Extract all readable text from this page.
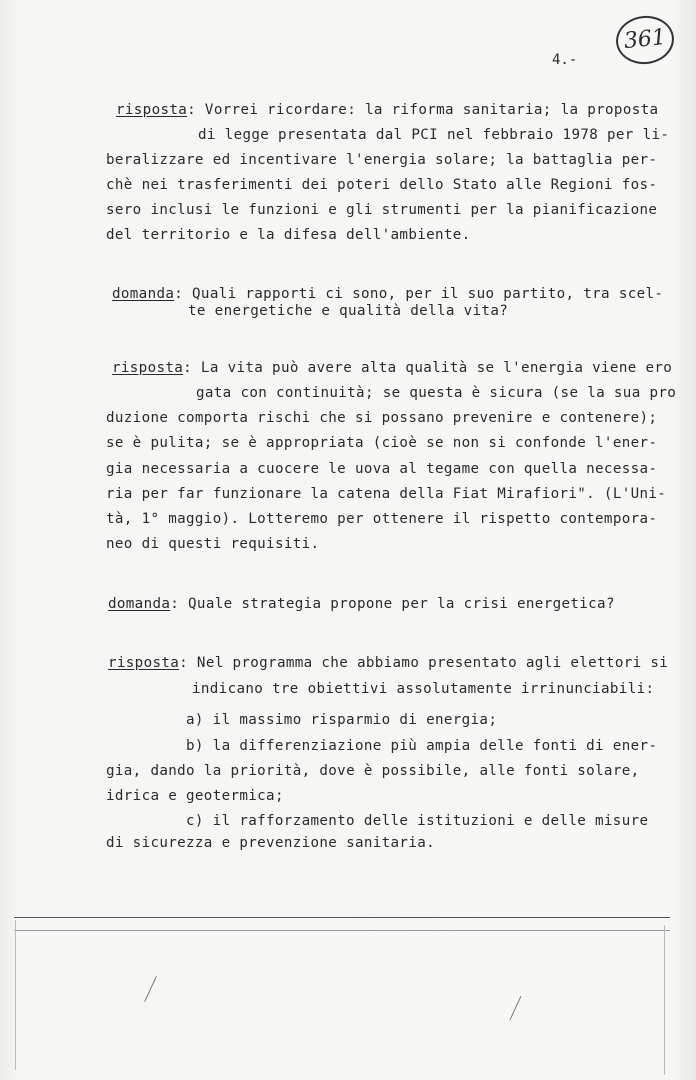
361
4.-
risposta: Vorrei ricordare: la riforma sanitaria; la proposta
di legge presentata dal PCI nel febbraio 1978 per li-
beralizzare ed incentivare l'energia solare; la battaglia per-
chè nei trasferimenti dei poteri dello Stato alle Regioni fos-
sero inclusi le funzioni e gli strumenti per la pianificazione
del territorio e la difesa dell'ambiente.
domanda: Quali rapporti ci sono, per il suo partito, tra scel-
te energetiche e qualità della vita?
risposta: La vita può avere alta qualità se l'energia viene ero
gata con continuità; se questa è sicura (se la sua pro
duzione comporta rischi che si possano prevenire e contenere);
se è pulita; se è appropriata (cioè se non si confonde l'ener-
gia necessaria a cuocere le uova al tegame con quella necessa-
ria per far funzionare la catena della Fiat Mirafiori". (L'Uni-
tà, 1° maggio). Lotteremo per ottenere il rispetto contempora-
neo di questi requisiti.
domanda: Quale strategia propone per la crisi energetica?
risposta: Nel programma che abbiamo presentato agli elettori si
indicano tre obiettivi assolutamente irrinunciabili:
a) il massimo risparmio di energia;
b) la differenziazione più ampia delle fonti di ener-
gia, dando la priorità, dove è possibile, alle fonti solare,
idrica e geotermica;
c) il rafforzamento delle istituzioni e delle misure
di sicurezza e prevenzione sanitaria.
